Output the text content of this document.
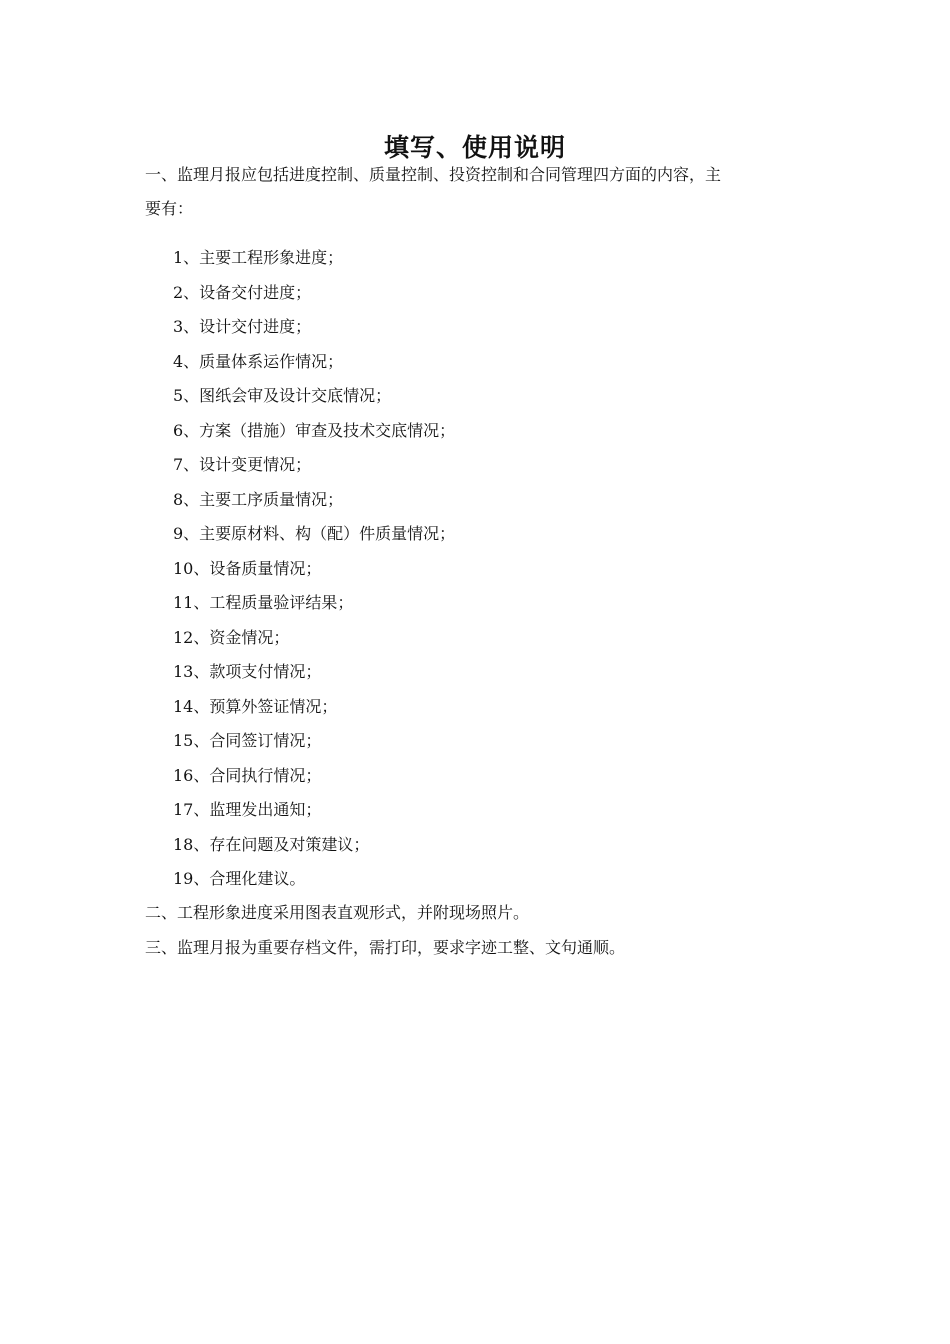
填写、使用说明
一、监理月报应包括进度控制、质量控制、投资控制和合同管理四方面的内容，主
要有：
1、主要工程形象进度；
2、设备交付进度；
3、设计交付进度；
4、质量体系运作情况；
5、图纸会审及设计交底情况；
6、方案（措施）审查及技术交底情况；
7、设计变更情况；
8、主要工序质量情况；
9、主要原材料、构（配）件质量情况；
10、设备质量情况；
11、工程质量验评结果；
12、资金情况；
13、款项支付情况；
14、预算外签证情况；
15、合同签订情况；
16、合同执行情况；
17、监理发出通知；
18、存在问题及对策建议；
19、合理化建议。
二、工程形象进度采用图表直观形式，并附现场照片。
三、监理月报为重要存档文件，需打印，要求字迹工整、文句通顺。
